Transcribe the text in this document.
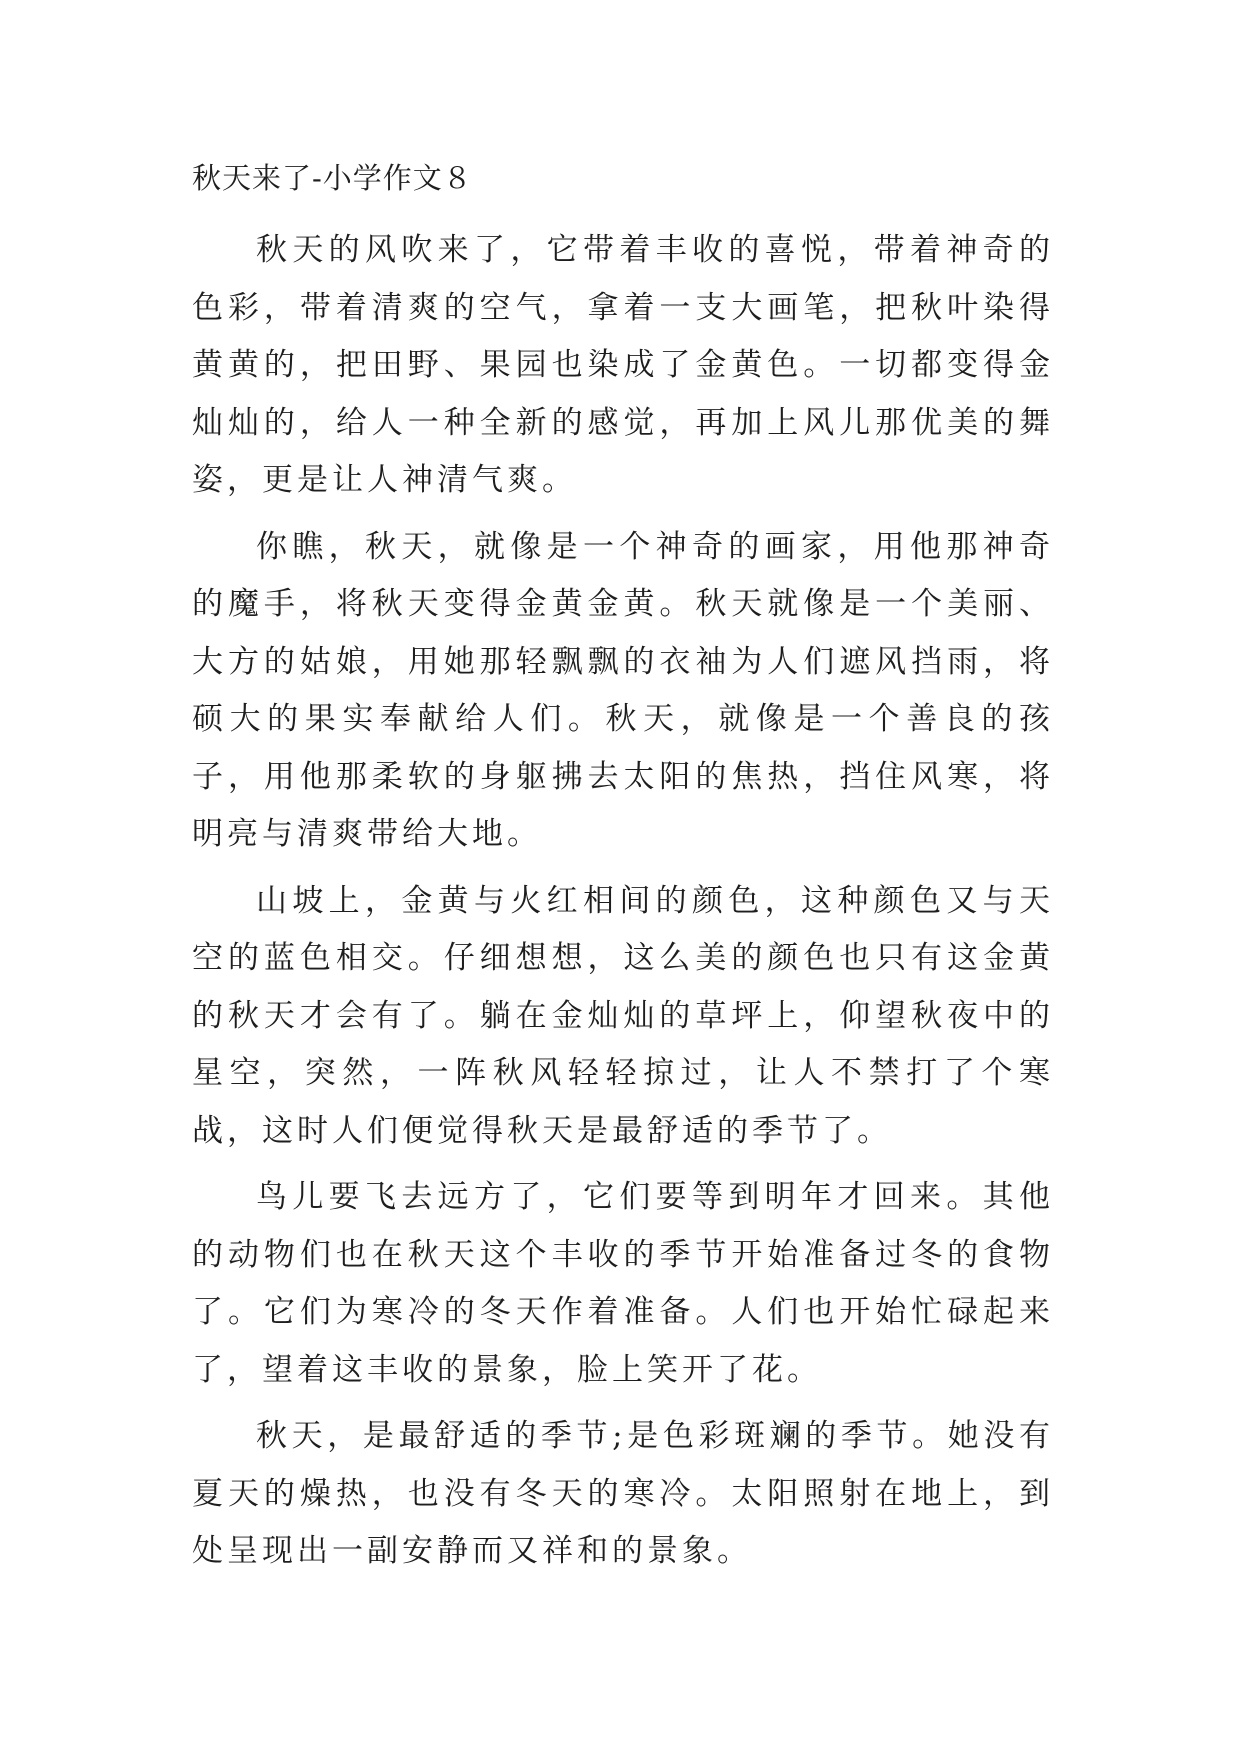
秋天来了-小学作文８

秋天的风吹来了，它带着丰收的喜悦，带着神奇的色彩，带着清爽的空气，拿着一支大画笔，把秋叶染得黄黄的，把田野、果园也染成了金黄色。一切都变得金灿灿的，给人一种全新的感觉，再加上风儿那优美的舞姿，更是让人神清气爽。

你瞧，秋天，就像是一个神奇的画家，用他那神奇的魔手，将秋天变得金黄金黄。秋天就像是一个美丽、大方的姑娘，用她那轻飘飘的衣袖为人们遮风挡雨，将硕大的果实奉献给人们。秋天，就像是一个善良的孩子，用他那柔软的身躯拂去太阳的焦热，挡住风寒，将明亮与清爽带给大地。

山坡上，金黄与火红相间的颜色，这种颜色又与天空的蓝色相交。仔细想想，这么美的颜色也只有这金黄的秋天才会有了。躺在金灿灿的草坪上，仰望秋夜中的星空，突然，一阵秋风轻轻掠过，让人不禁打了个寒战，这时人们便觉得秋天是最舒适的季节了。

鸟儿要飞去远方了，它们要等到明年才回来。其他的动物们也在秋天这个丰收的季节开始准备过冬的食物了。它们为寒冷的冬天作着准备。人们也开始忙碌起来了，望着这丰收的景象，脸上笑开了花。

秋天，是最舒适的季节;是色彩斑斓的季节。她没有夏天的燥热，也没有冬天的寒冷。太阳照射在地上，到处呈现出一副安静而又祥和的景象。
